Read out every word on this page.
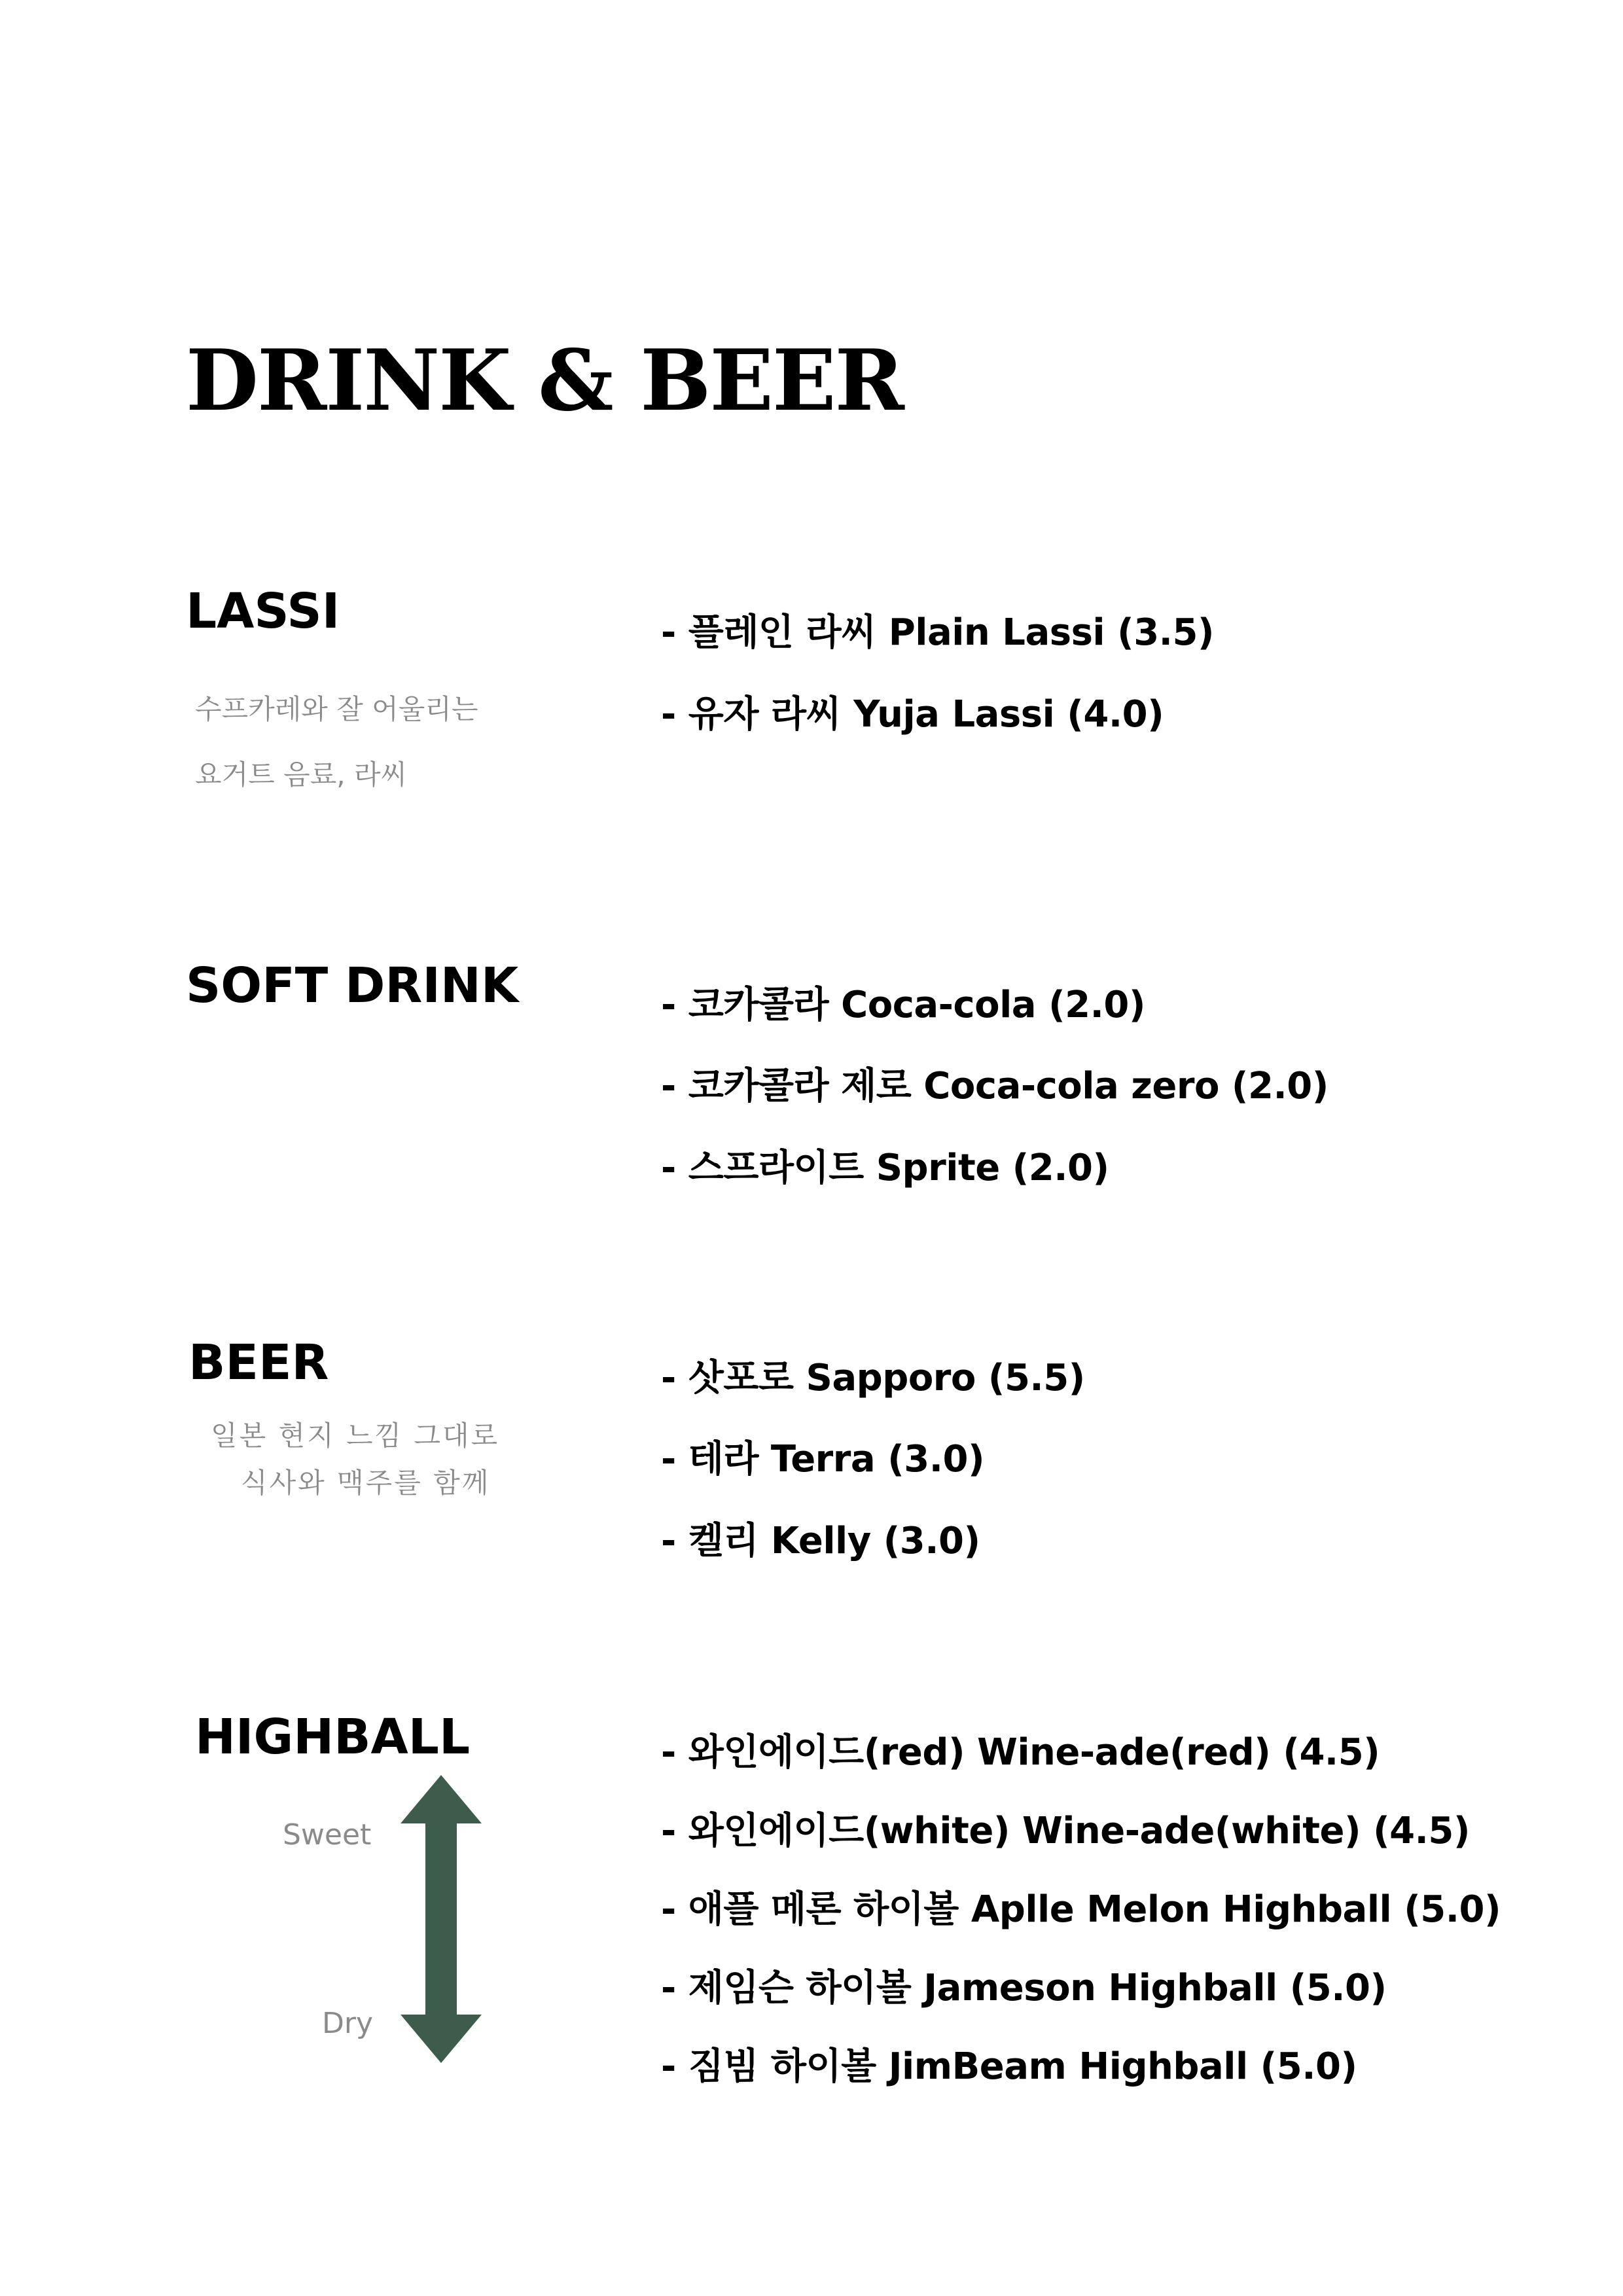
DRINK & BEER
LASSI
수프카레와 잘 어울리는
요거트 음료, 라씨
- 플레인 라씨 Plain Lassi (3.5)
- 유자 라씨 Yuja Lassi (4.0)
SOFT DRINK	- 코카콜라 Coca-cola (2.0)
- 코카콜라 제로 Coca-cola zero (2.0)
- 스프라이트 Sprite (2.0)
BEER
일본 현지 느낌 그대로
식사와 맥주를 함께
- 삿포로 Sapporo (5.5)
- 테라 Terra (3.0)
- 켈리 Kelly (3.0)
HIGHBALL
Sweet
Dry
- 와인에이드(red) Wine-ade(red) (4.5)
- 와인에이드(white) Wine-ade(white) (4.5)
- 애플 메론 하이볼 Aplle Melon Highball (5.0)
- 제임슨 하이볼 Jameson Highball (5.0)
- 짐빔 하이볼 JimBeam Highball (5.0)
